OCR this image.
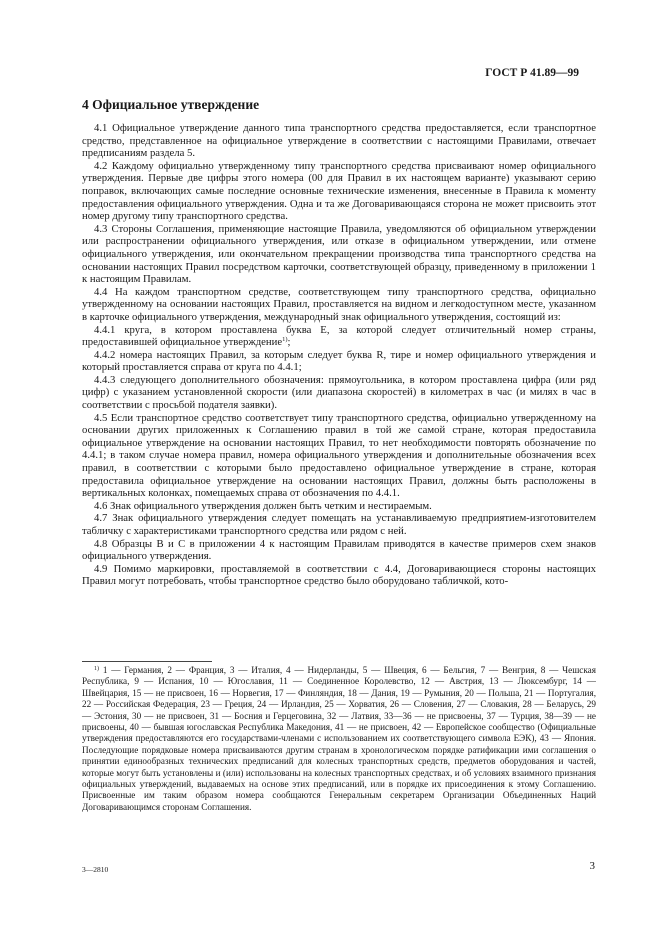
ГОСТ Р 41.89—99
4 Официальное утверждение

4.1 Официальное утверждение данного типа транспортного средства предоставляется, если транспортное средство, представленное на официальное утверждение в соответствии с настоящими Правилами, отвечает предписаниям раздела 5.

4.2 Каждому официально утвержденному типу транспортного средства присваивают номер официального утверждения. Первые две цифры этого номера (00 для Правил в их настоящем варианте) указывают серию поправок, включающих самые последние основные технические изменения, внесенные в Правила к моменту предоставления официального утверждения. Одна и та же Договаривающаяся сторона не может присвоить этот номер другому типу транспортного средства.

4.3 Стороны Соглашения, применяющие настоящие Правила, уведомляются об официальном утверждении или распространении официального утверждения, или отказе в официальном утверждении, или отмене официального утверждения, или окончательном прекращении производства типа транспортного средства на основании настоящих Правил посредством карточки, соответствующей образцу, приведенному в приложении 1 к настоящим Правилам.

4.4 На каждом транспортном средстве, соответствующем типу транспортного средства, официально утвержденному на основании настоящих Правил, проставляется на видном и легкодоступном месте, указанном в карточке официального утверждения, международный знак официального утверждения, состоящий из:

4.4.1 круга, в котором проставлена буква E, за которой следует отличительный номер страны, предоставившей официальное утверждение$^{1)}$;

4.4.2 номера настоящих Правил, за которым следует буква R, тире и номер официального утверждения и который проставляется справа от круга по 4.4.1;

4.4.3 следующего дополнительного обозначения: прямоугольника, в котором проставлена цифра (или ряд цифр) с указанием установленной скорости (или диапазона скоростей) в километрах в час (и милях в час в соответствии с просьбой подателя заявки).

4.5 Если транспортное средство соответствует типу транспортного средства, официально утвержденному на основании других приложенных к Соглашению правил в той же самой стране, которая предоставила официальное утверждение на основании настоящих Правил, то нет необходимости повторять обозначение по 4.4.1; в таком случае номера правил, номера официального утверждения и дополнительные обозначения всех правил, в соответствии с которыми было предоставлено официальное утверждение в стране, которая предоставила официальное утверждение на основании настоящих Правил, должны быть расположены в вертикальных колонках, помещаемых справа от обозначения по 4.4.1.

4.6 Знак официального утверждения должен быть четким и нестираемым.

4.7 Знак официального утверждения следует помещать на устанавливаемую предприятием-изготовителем табличку с характеристиками транспортного средства или рядом с ней.

4.8 Образцы B и C в приложении 4 к настоящим Правилам приводятся в качестве примеров схем знаков официального утверждения.

4.9 Помимо маркировки, проставляемой в соответствии с 4.4, Договаривающиеся стороны настоящих Правил могут потребовать, чтобы транспортное средство было оборудовано табличкой, кото-

$^{1)}$ 1 — Германия, 2 — Франция, 3 — Италия, 4 — Нидерланды, 5 — Швеция, 6 — Бельгия, 7 — Венгрия, 8 — Чешская Республика, 9 — Испания, 10 — Югославия, 11 — Соединенное Королевство, 12 — Австрия, 13 — Люксембург, 14 — Швейцария, 15 — не присвоен, 16 — Норвегия, 17 — Финляндия, 18 — Дания, 19 — Румыния, 20 — Польша, 21 — Португалия, 22 — Российская Федерация, 23 — Греция, 24 — Ирландия, 25 — Хорватия, 26 — Словения, 27 — Словакия, 28 — Беларусь, 29 — Эстония, 30 — не присвоен, 31 — Босния и Герцеговина, 32 — Латвия, 33—36 — не присвоены, 37 — Турция, 38—39 — не присвоены, 40 — бывшая югославская Республика Македония, 41 — не присвоен, 42 — Европейское сообщество (Официальные утверждения предоставляются его государствами-членами с использованием их соответствующего символа ЕЭК), 43 — Япония. Последующие порядковые номера присваиваются другим странам в хронологическом порядке ратификации ими соглашения о принятии единообразных технических предписаний для колесных транспортных средств, предметов оборудования и частей, которые могут быть установлены и (или) использованы на колесных транспортных средствах, и об условиях взаимного признания официальных утверждений, выдаваемых на основе этих предписаний, или в порядке их присоединения к этому Соглашению. Присвоенные им таким образом номера сообщаются Генеральным секретарем Организации Объединенных Наций Договаривающимся сторонам Соглашения.

3—2810	3
